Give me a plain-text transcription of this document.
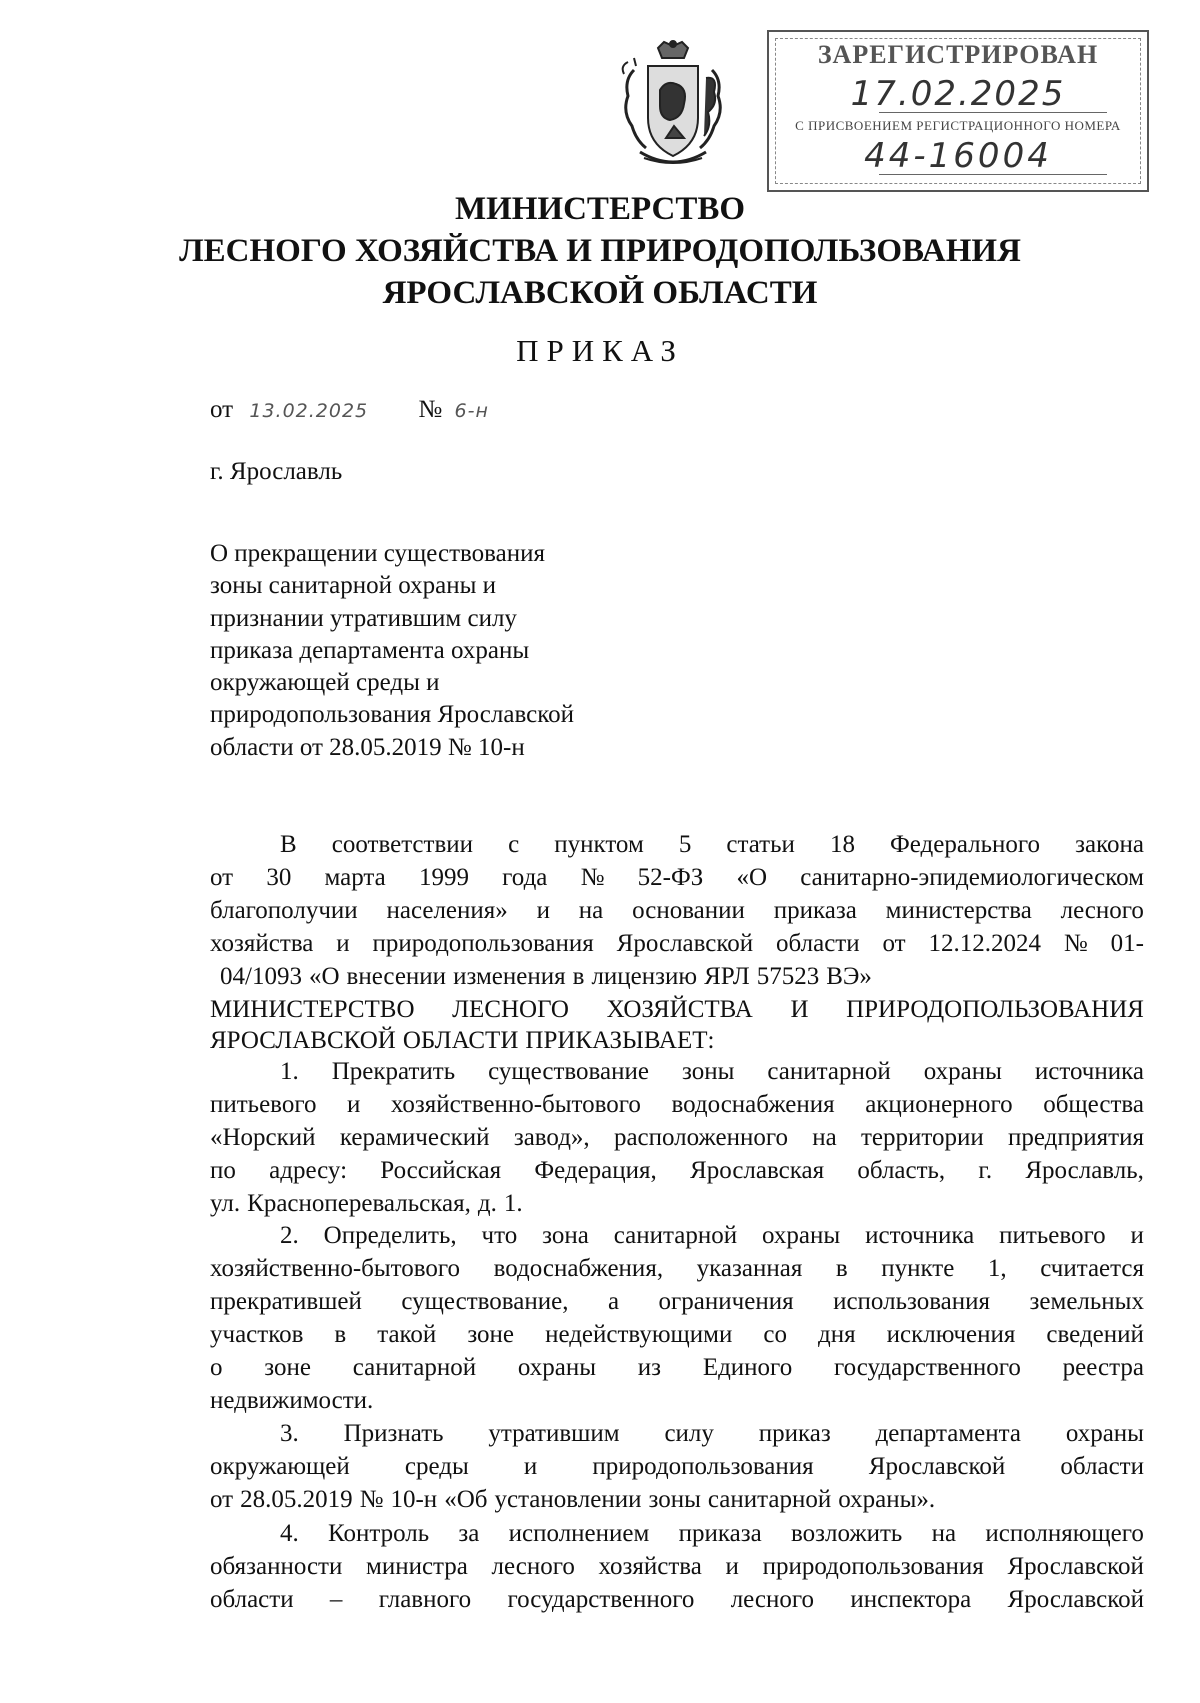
ЗАРЕГИСТРИРОВАН
17.02.2025
С ПРИСВОЕНИЕМ РЕГИСТРАЦИОННОГО НОМЕРА
44-16004
МИНИСТЕРСТВО
ЛЕСНОГО ХОЗЯЙСТВА И ПРИРОДОПОЛЬЗОВАНИЯ
ЯРОСЛАВСКОЙ ОБЛАСТИ
ПРИКАЗ
от 13.02.2025 № 6-н
г. Ярославль
О прекращении существования
зоны санитарной охраны и
признании утратившим силу
приказа департамента охраны
окружающей среды и
природопользования Ярославской
области от 28.05.2019 № 10-н
В соответствии с пунктом 5 статьи 18 Федерального закона
от 30 марта 1999 года № 52-ФЗ «О санитарно-эпидемиологическом
благополучии населения» и на основании приказа министерства лесного
хозяйства и природопользования Ярославской области от 12.12.2024 № 01-
04/1093 «О внесении изменения в лицензию ЯРЛ 57523 ВЭ»
МИНИСТЕРСТВО ЛЕСНОГО ХОЗЯЙСТВА И ПРИРОДОПОЛЬЗОВАНИЯ
ЯРОСЛАВСКОЙ ОБЛАСТИ ПРИКАЗЫВАЕТ:
1. Прекратить существование зоны санитарной охраны источника
питьевого и хозяйственно-бытового водоснабжения акционерного общества
«Норский керамический завод», расположенного на территории предприятия
по адресу: Российская Федерация, Ярославская область, г. Ярославль,
ул. Красноперевальская, д. 1.
2. Определить, что зона санитарной охраны источника питьевого и
хозяйственно-бытового водоснабжения, указанная в пункте 1, считается
прекратившей существование, а ограничения использования земельных
участков в такой зоне недействующими со дня исключения сведений
о зоне санитарной охраны из Единого государственного реестра
недвижимости.
3. Признать утратившим силу приказ департамента охраны
окружающей среды и природопользования Ярославской области
от 28.05.2019 № 10-н «Об установлении зоны санитарной охраны».
4. Контроль за исполнением приказа возложить на исполняющего
обязанности министра лесного хозяйства и природопользования Ярославской
области – главного государственного лесного инспектора Ярославской
